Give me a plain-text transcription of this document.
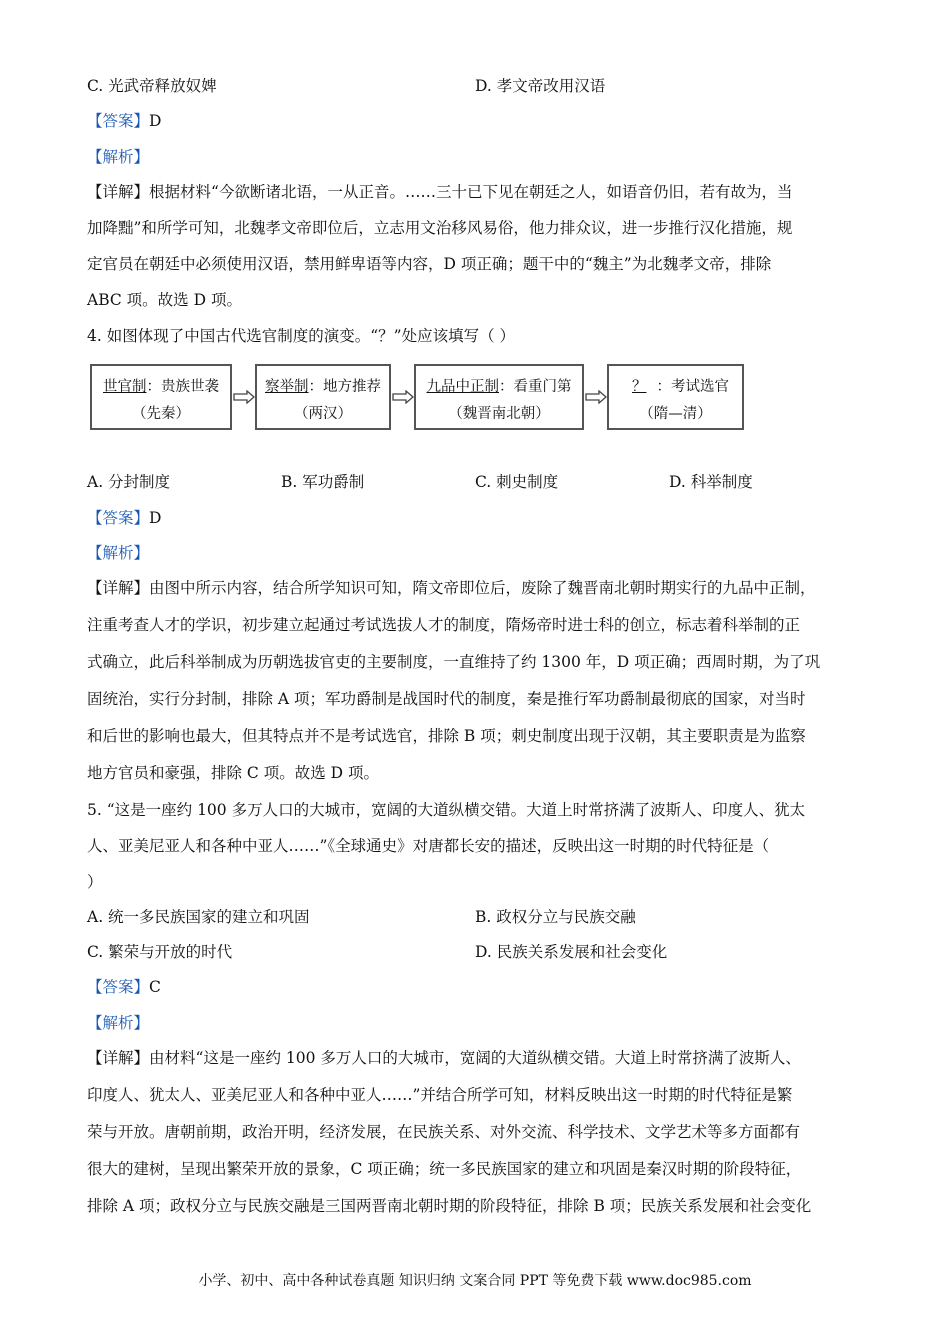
C. 光武帝释放奴婢	D. 孝文帝改用汉语
【答案】D
【解析】
【详解】根据材料“今欲断诸北语，一从正音。……三十已下见在朝廷之人，如语音仍旧，若有故为，当
加降黜”和所学可知，北魏孝文帝即位后，立志用文治移风易俗，他力排众议，进一步推行汉化措施，规
定官员在朝廷中必须使用汉语，禁用鲜卑语等内容，D 项正确；题干中的“魏主”为北魏孝文帝，排除
ABC 项。故选 D 项。
4. 如图体现了中国古代选官制度的演变。“？”处应该填写（ ）
世官制：贵族世袭
（先秦）
察举制：地方推荐
（两汉）
九品中正制：看重门第
（魏晋南北朝）
？ ：考试选官
（隋—清）
A. 分封制度	B. 军功爵制	C. 刺史制度	D. 科举制度
【答案】D
【解析】
【详解】由图中所示内容，结合所学知识可知，隋文帝即位后，废除了魏晋南北朝时期实行的九品中正制，
注重考查人才的学识，初步建立起通过考试选拔人才的制度，隋炀帝时进士科的创立，标志着科举制的正
式确立，此后科举制成为历朝选拔官吏的主要制度，一直维持了约 1300 年，D 项正确；西周时期，为了巩
固统治，实行分封制，排除 A 项；军功爵制是战国时代的制度，秦是推行军功爵制最彻底的国家，对当时
和后世的影响也最大，但其特点并不是考试选官，排除 B 项；刺史制度出现于汉朝，其主要职责是为监察
地方官员和豪强，排除 C 项。故选 D 项。
5. “这是一座约 100 多万人口的大城市，宽阔的大道纵横交错。大道上时常挤满了波斯人、印度人、犹太
人、亚美尼亚人和各种中亚人……”《全球通史》对唐都长安的描述，反映出这一时期的时代特征是（
）
A. 统一多民族国家的建立和巩固	B. 政权分立与民族交融
C. 繁荣与开放的时代	D. 民族关系发展和社会变化
【答案】C
【解析】
【详解】由材料“这是一座约 100 多万人口的大城市，宽阔的大道纵横交错。大道上时常挤满了波斯人、
印度人、犹太人、亚美尼亚人和各种中亚人……”并结合所学可知，材料反映出这一时期的时代特征是繁
荣与开放。唐朝前期，政治开明，经济发展，在民族关系、对外交流、科学技术、文学艺术等多方面都有
很大的建树，呈现出繁荣开放的景象，C 项正确；统一多民族国家的建立和巩固是秦汉时期的阶段特征，
排除 A 项；政权分立与民族交融是三国两晋南北朝时期的阶段特征，排除 B 项；民族关系发展和社会变化
小学、初中、高中各种试卷真题 知识归纳 文案合同 PPT 等免费下载 www.doc985.com
